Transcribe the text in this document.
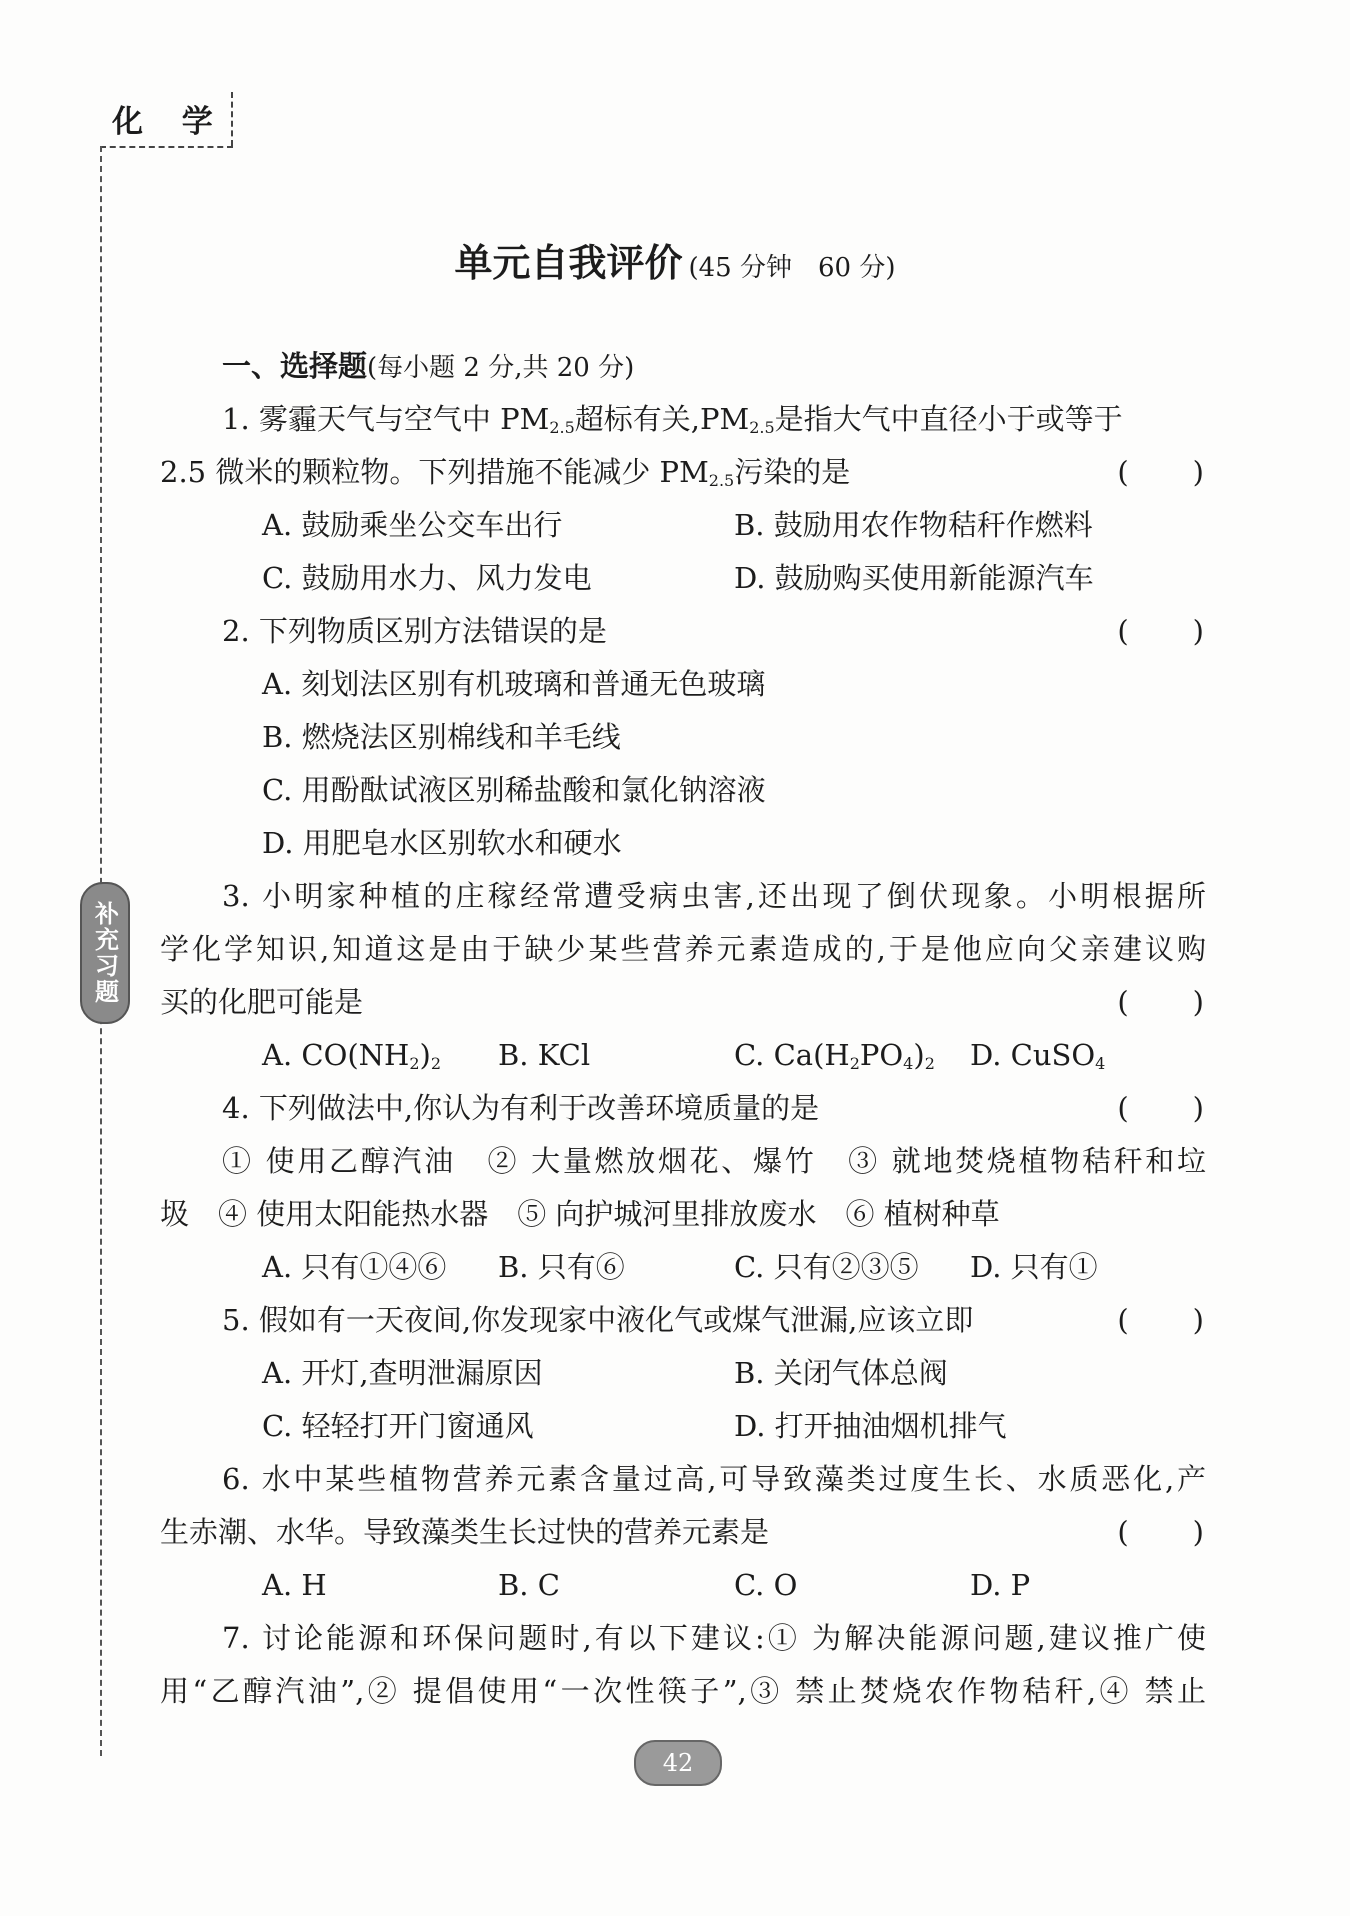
化 学
补充习题
单元自我评价 (45 分钟　60 分)
一、选择题(每小题 2 分,共 20 分)
1. 雾霾天气与空气中 $PM_{2.5}$超标有关$,PM_{2.5}$是指大气中直径小于或等于
2.5 微米的颗粒物。下列措施不能减少 $PM_{2.5}$污染的是	(　　)
A. 鼓励乘坐公交车出行	B. 鼓励用农作物秸秆作燃料
C. 鼓励用水力、风力发电	D. 鼓励购买使用新能源汽车
2. 下列物质区别方法错误的是	(　　)
A. 刻划法区别有机玻璃和普通无色玻璃
B. 燃烧法区别棉线和羊毛线
C. 用酚酞试液区别稀盐酸和氯化钠溶液
D. 用肥皂水区别软水和硬水
3. 小明家种植的庄稼经常遭受病虫害,还出现了倒伏现象。小明根据所
学化学知识,知道这是由于缺少某些营养元素造成的,于是他应向父亲建议购
买的化肥可能是	(　　)
A. $CO(NH_2)_2$	B. KCl	C. $Ca(H_2PO_4)_2$	D. CuSO$_4$
4. 下列做法中,你认为有利于改善环境质量的是	(　　)
① 使用乙醇汽油　② 大量燃放烟花、爆竹　③ 就地焚烧植物秸秆和垃
圾　④ 使用太阳能热水器　⑤ 向护城河里排放废水　⑥ 植树种草
A. 只有①④⑥	B. 只有⑥	C. 只有②③⑤	D. 只有①
5. 假如有一天夜间,你发现家中液化气或煤气泄漏,应该立即	(　　)
A. 开灯,查明泄漏原因	B. 关闭气体总阀
C. 轻轻打开门窗通风	D. 打开抽油烟机排气
6. 水中某些植物营养元素含量过高,可导致藻类过度生长、水质恶化,产
生赤潮、水华。导致藻类生长过快的营养元素是	(　　)
A. H	B. C	C. O	D. P
7. 讨论能源和环保问题时,有以下建议:① 为解决能源问题,建议推广使
用“乙醇汽油”,② 提倡使用“一次性筷子”,③ 禁止焚烧农作物秸秆,④ 禁止
42
